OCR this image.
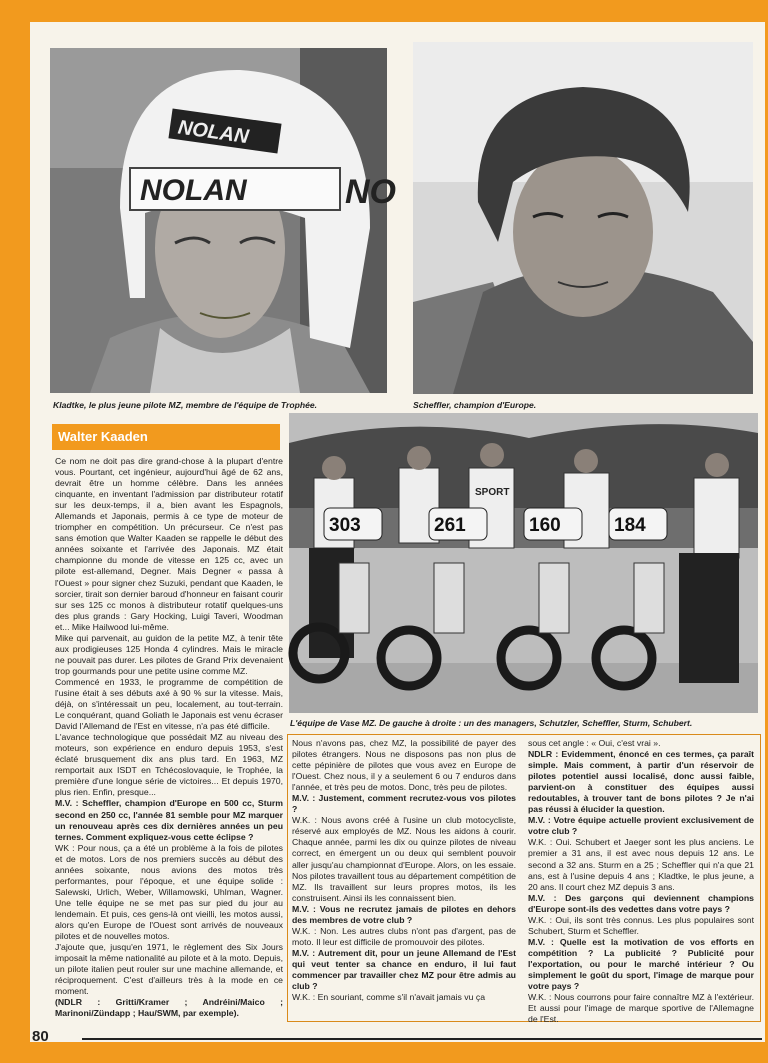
NOLAN
NOLAN	NO
Kladtke, le plus jeune pilote MZ, membre de l'équipe de Trophée.	Scheffler, champion d'Europe.
SPORT
303	261	160	184
L'équipe de Vase MZ. De gauche à droite : un des managers, Schutzler, Scheffler, Sturm, Schubert.
Walter Kaaden

Ce nom ne doit pas dire grand-chose à la plupart d'entre vous. Pourtant, cet ingénieur, aujourd'hui âgé de 62 ans, devrait être un homme célèbre. Dans les années cinquante, en inventant l'admission par distributeur rotatif sur les deux-temps, il a, bien avant les Espagnols, Allemands et Japonais, permis à ce type de moteur de triompher en compétition. Un précurseur. Ce n'est pas sans émotion que Walter Kaaden se rappelle le début des années soixante et l'arrivée des Japonais. MZ était championne du monde de vitesse en 125 cc, avec un pilote est-allemand, Degner. Mais Degner « passa à l'Ouest » pour signer chez Suzuki, pendant que Kaaden, le sorcier, tirait son dernier baroud d'honneur en faisant courir sur ses 125 cc monos à distributeur rotatif quelques-uns des plus grands : Gary Hocking, Luigi Taveri, Woodman et... Mike Hailwood lui-même.

Mike qui parvenait, au guidon de la petite MZ, à tenir tête aux prodigieuses 125 Honda 4 cylindres. Mais le miracle ne pouvait pas durer. Les pilotes de Grand Prix devenaient trop gourmands pour une petite usine comme MZ.

Commencé en 1933, le programme de compétition de l'usine était à ses débuts axé à 90 % sur la vitesse. Mais, déjà, on s'intéressait un peu, localement, au tout-terrain. Le conquérant, quand Goliath le Japonais est venu écraser David l'Allemand de l'Est en vitesse, n'a pas été difficile.

L'avance technologique que possédait MZ au niveau des moteurs, son expérience en enduro depuis 1953, s'est éclaté brusquement dix ans plus tard. En 1963, MZ remportait aux ISDT en Tchécoslovaquie, le Trophée, la première d'une longue série de victoires... Et depuis 1970, plus rien. Enfin, presque...

M.V. : Scheffler, champion d'Europe en 500 cc, Sturm second en 250 cc, l'année 81 semble pour MZ marquer un renouveau après ces dix dernières années un peu ternes. Comment expliquez-vous cette éclipse ?

WK : Pour nous, ça a été un problème à la fois de pilotes et de motos. Lors de nos premiers succès au début des années soixante, nous avions des motos très performantes, pour l'époque, et une équipe solide : Salewski, Urlich, Weber, Willamowski, Uhlman, Wagner. Une telle équipe ne se met pas sur pied du jour au lendemain. Et puis, ces gens-là ont vieilli, les motos aussi, alors qu'en Europe de l'Ouest sont arrivés de nouveaux pilotes et de nouvelles motos.

J'ajoute que, jusqu'en 1971, le règlement des Six Jours imposait la même nationalité au pilote et à la moto. Depuis, un pilote italien peut rouler sur une machine allemande, et réciproquement. C'est d'ailleurs très à la mode en ce moment.

(NDLR : Gritti/Kramer ; Andréini/Maico ; Marinoni/Zündapp ; Hau/SWM, par exemple).

Nous n'avons pas, chez MZ, la possibilité de payer des pilotes étrangers. Nous ne disposons pas non plus de cette pépinière de pilotes que vous avez en Europe de l'Ouest. Chez nous, il y a seulement 6 ou 7 enduros dans l'année, et très peu de motos. Donc, très peu de pilotes.

M.V. : Justement, comment recrutez-vous vos pilotes ?

W.K. : Nous avons créé à l'usine un club motocycliste, réservé aux employés de MZ. Nous les aidons à courir. Chaque année, parmi les dix ou quinze pilotes de niveau correct, en émergent un ou deux qui semblent pouvoir aller jusqu'au championnat d'Europe. Alors, on les essaie. Nos pilotes travaillent tous au département compétition de MZ. Ils travaillent sur leurs propres motos, ils les construisent. Ainsi ils les connaissent bien.

M.V. : Vous ne recrutez jamais de pilotes en dehors des membres de votre club ?

W.K. : Non. Les autres clubs n'ont pas d'argent, pas de moto. Il leur est difficile de promouvoir des pilotes.

M.V. : Autrement dit, pour un jeune Allemand de l'Est qui veut tenter sa chance en enduro, il lui faut commencer par travailler chez MZ pour être admis au club ?

W.K. : En souriant, comme s'il n'avait jamais vu ça

sous cet angle : « Oui, c'est vrai ».

NDLR : Evidemment, énoncé en ces termes, ça paraît simple. Mais comment, à partir d'un réservoir de pilotes potentiel aussi localisé, donc aussi faible, parvient-on à constituer des équipes aussi redoutables, à trouver tant de bons pilotes ? Je n'ai pas réussi à élucider la question.

M.V. : Votre équipe actuelle provient exclusivement de votre club ?

W.K. : Oui. Schubert et Jaeger sont les plus anciens. Le premier a 31 ans, il est avec nous depuis 12 ans. Le second a 32 ans. Sturm en a 25 ; Scheffler qui n'a que 21 ans, est à l'usine depuis 4 ans ; Kladtke, le plus jeune, a 20 ans. Il court chez MZ depuis 3 ans.

M.V. : Des garçons qui deviennent champions d'Europe sont-ils des vedettes dans votre pays ?

W.K. : Oui, ils sont très connus. Les plus populaires sont Schubert, Sturm et Scheffler.

M.V. : Quelle est la motivation de vos efforts en compétition ? La publicité ? Publicité pour l'exportation, ou pour le marché intérieur ? Ou simplement le goût du sport, l'image de marque pour votre pays ?

W.K. : Nous courrons pour faire connaître MZ à l'extérieur. Et aussi pour l'image de marque sportive de l'Allemagne de l'Est.

80
